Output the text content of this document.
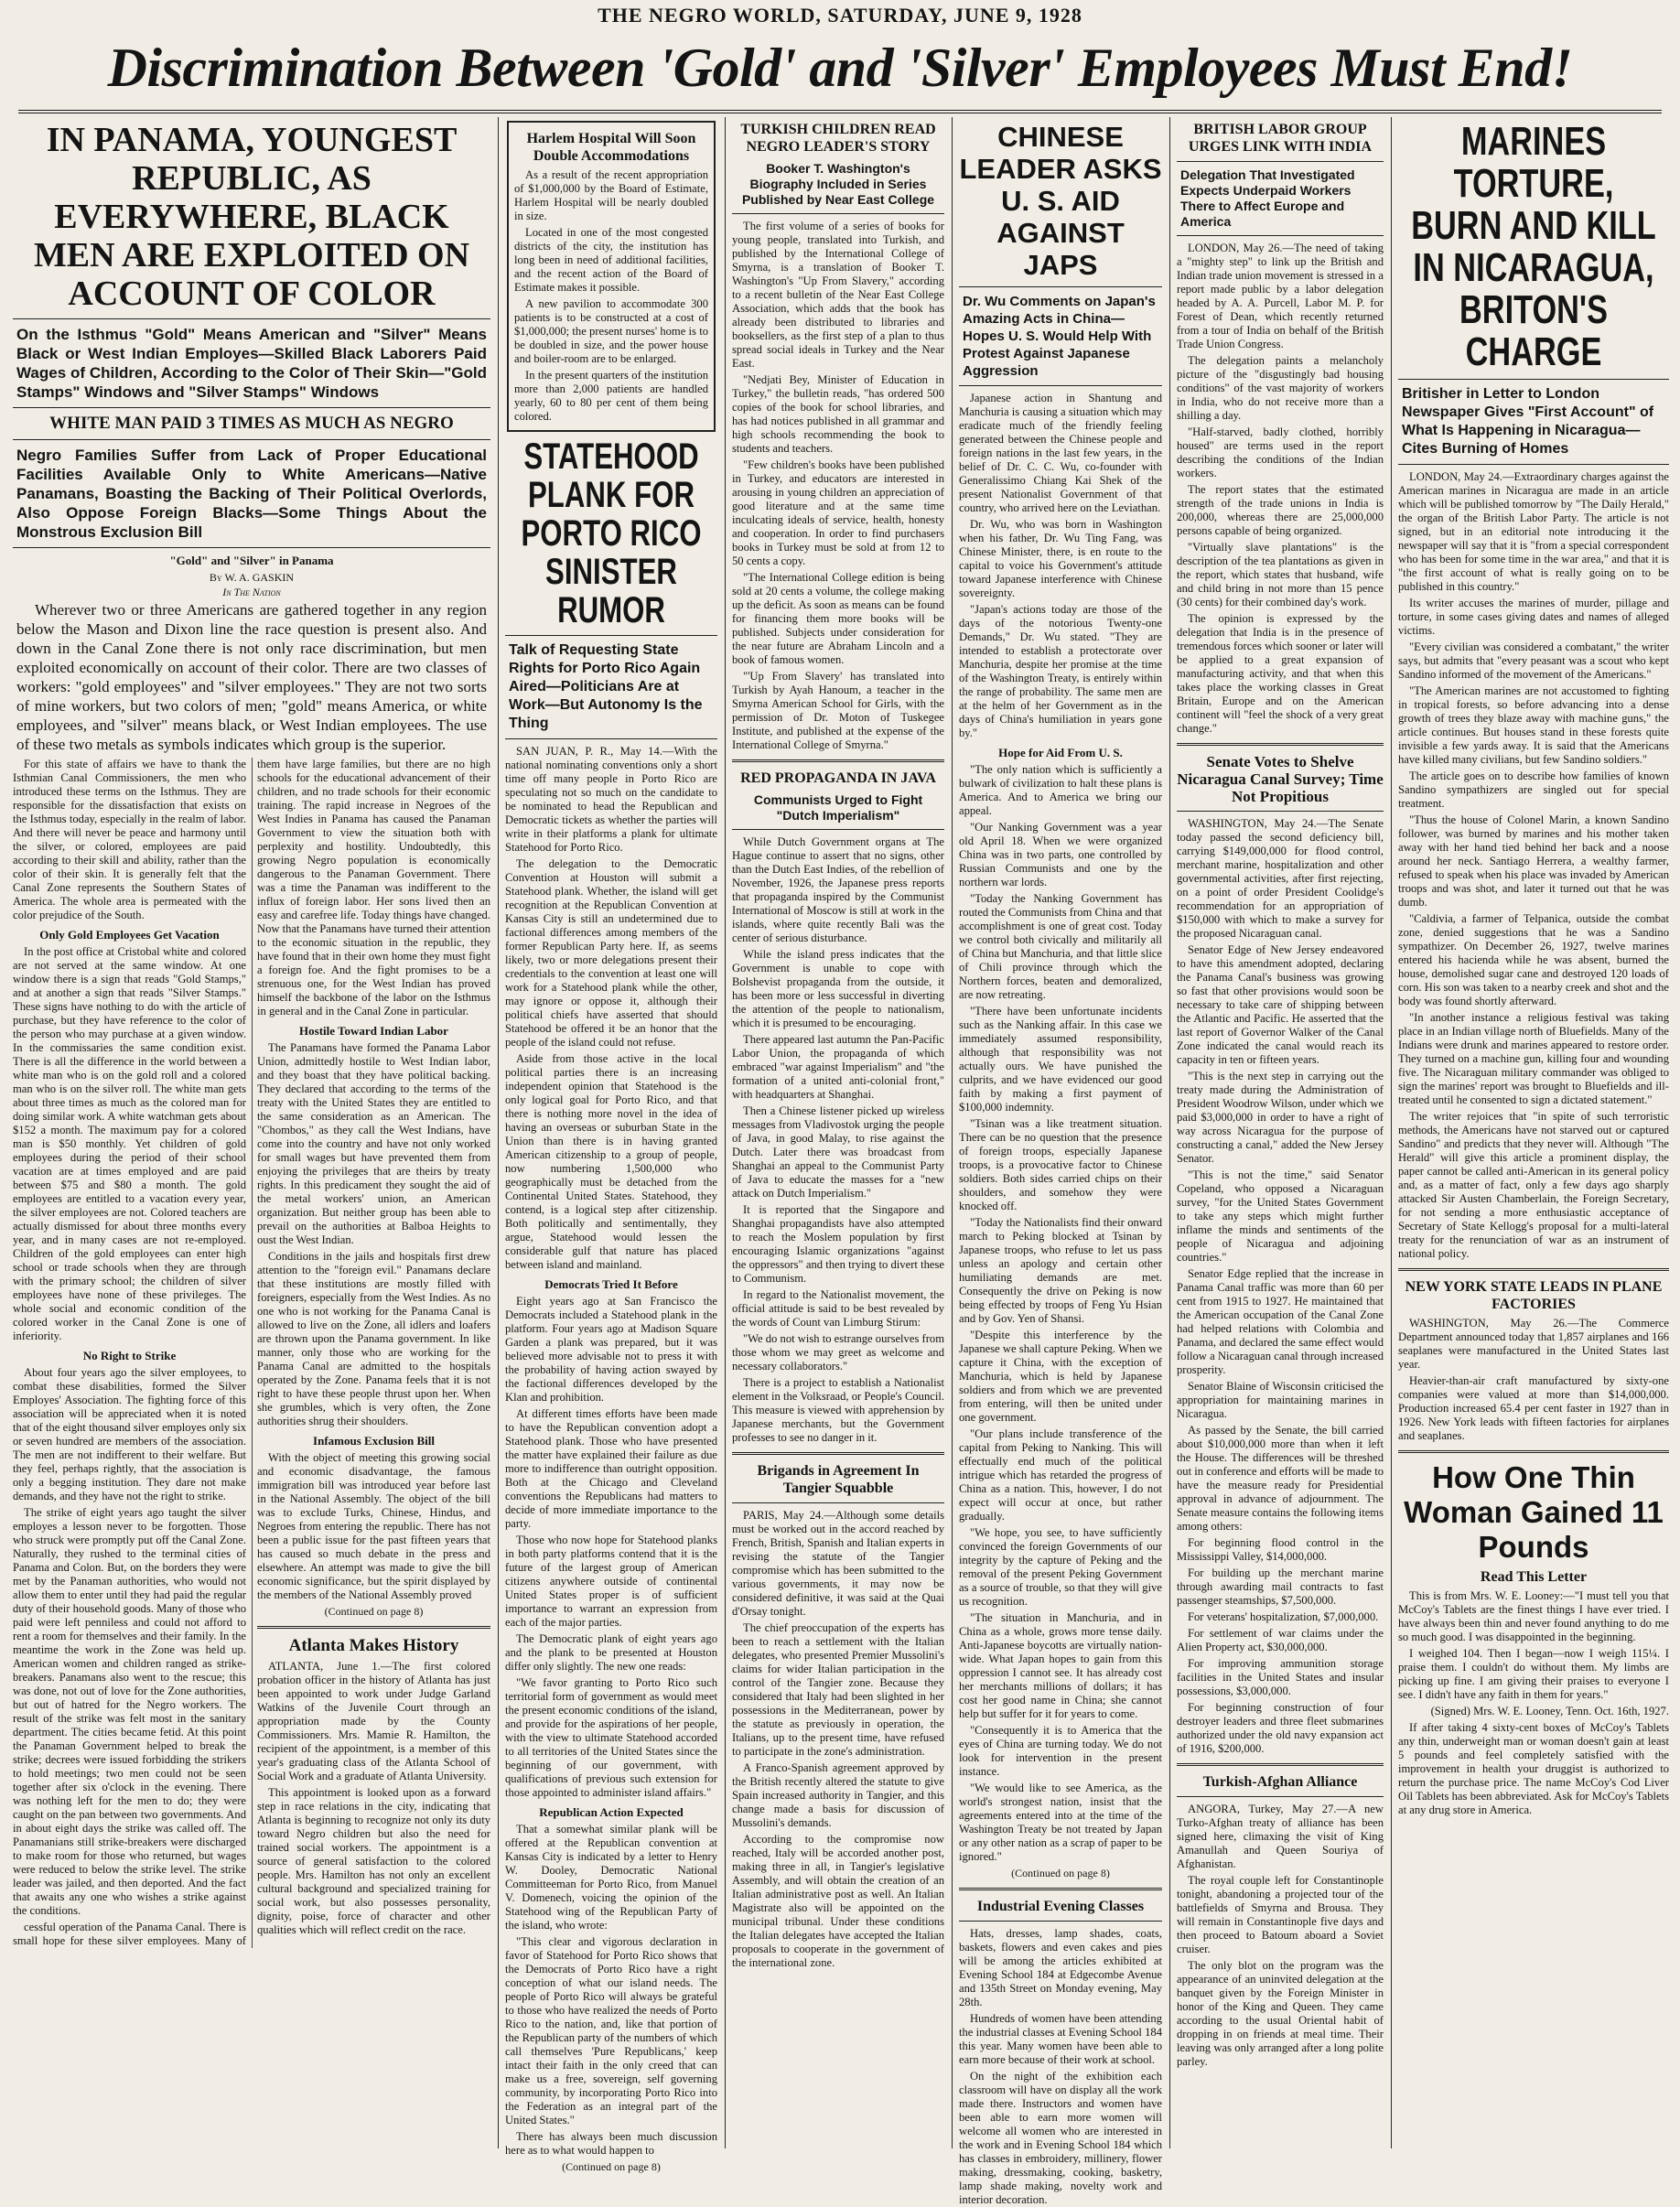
THE NEGRO WORLD, SATURDAY, JUNE 9, 1928
Discrimination Between 'Gold' and 'Silver' Employees Must End!
IN PANAMA, YOUNGEST REPUBLIC, AS EVERYWHERE, BLACK MEN ARE EXPLOITED ON ACCOUNT OF COLOR
On the Isthmus "Gold" Means American and "Silver" Means Black or West Indian Employes—Skilled Black Laborers Paid Wages of Children, According to the Color of Their Skin—"Gold Stamps" Windows and "Silver Stamps" Windows
WHITE MAN PAID 3 TIMES AS MUCH AS NEGRO
Negro Families Suffer from Lack of Proper Educational Facilities Available Only to White Americans—Native Panamans, Boasting the Backing of Their Political Overlords, Also Oppose Foreign Blacks—Some Things About the Monstrous Exclusion Bill
"Gold" and "Silver" in Panama
By W. A. GASKIN
In The Nation
Wherever two or three Americans are gathered together in any region below the Mason and Dixon line the race question is present also. And down in the Canal Zone there is not only race discrimination, but men exploited economically on account of their color. There are two classes of workers: "gold employees" and "silver employees." They are not two sorts of mine workers, but two colors of men; "gold" means America, or white employees, and "silver" means black, or West Indian employees. The use of these two metals as symbols indicates which group is the superior.

For this state of affairs we have to thank the Isthmian Canal Commissioners, the men who introduced these terms on the Isthmus. They are responsible for the dissatisfaction that exists on the Isthmus today, especially in the realm of labor. And there will never be peace and harmony until the silver, or colored, employees are paid according to their skill and ability, rather than the color of their skin. It is generally felt that the Canal Zone represents the Southern States of America. The whole area is permeated with the color prejudice of the South.

Only Gold Employees Get Vacation

In the post office at Cristobal white and colored are not served at the same window. At one window there is a sign that reads "Gold Stamps," and at another a sign that reads "Silver Stamps." These signs have nothing to do with the article of purchase, but they have reference to the color of the person who may purchase at a given window. In the commissaries the same condition exist. There is all the difference in the world between a white man who is on the gold roll and a colored man who is on the silver roll. The white man gets about three times as much as the colored man for doing similar work. A white watchman gets about $152 a month. The maximum pay for a colored man is $50 monthly. Yet children of gold employees during the period of their school vacation are at times employed and are paid between $75 and $80 a month. The gold employees are entitled to a vacation every year, the silver employees are not. Colored teachers are actually dismissed for about three months every year, and in many cases are not re-employed. Children of the gold employees can enter high school or trade schools when they are through with the primary school; the children of silver employees have none of these privileges. The whole social and economic condition of the colored worker in the Canal Zone is one of inferiority.

No Right to Strike

About four years ago the silver employees, to combat these disabilities, formed the Silver Employes' Association. The fighting force of this association will be appreciated when it is noted that of the eight thousand silver employes only six or seven hundred are members of the association. The men are not indifferent to their welfare. But they feel, perhaps rightly, that the association is only a begging institution. They dare not make demands, and they have not the right to strike.

The strike of eight years ago taught the silver employes a lesson never to be forgotten. Those who struck were promptly put off the Canal Zone. Naturally, they rushed to the terminal cities of Panama and Colon. But, on the borders they were met by the Panaman authorities, who would not allow them to enter until they had paid the regular duty of their household goods. Many of those who paid were left penniless and could not afford to rent a room for themselves and their family. In the meantime the work in the Zone was held up. American women and children ranged as strike-breakers. Panamans also went to the rescue; this was done, not out of love for the Zone authorities, but out of hatred for the Negro workers. The result of the strike was felt most in the sanitary department. The cities became fetid. At this point the Panaman Government helped to break the strike; decrees were issued forbidding the strikers to hold meetings; two men could not be seen together after six o'clock in the evening. There was nothing left for the men to do; they were caught on the pan between two governments. And in about eight days the strike was called off. The Panamanians still strike-breakers were discharged to make room for those who returned, but wages were reduced to below the strike level. The strike leader was jailed, and then deported. And the fact that awaits any one who wishes a strike against the conditions.

cessful operation of the Panama Canal. There is small hope for these silver employees. Many of them have large families, but there are no high schools for the educational advancement of their children, and no trade schools for their economic training. The rapid increase in Negroes of the West Indies in Panama has caused the Panaman Government to view the situation both with perplexity and hostility. Undoubtedly, this growing Negro population is economically dangerous to the Panaman Government. There was a time the Panaman was indifferent to the influx of foreign labor. Her sons lived then an easy and carefree life. Today things have changed. Now that the Panamans have turned their attention to the economic situation in the republic, they have found that in their own home they must fight a foreign foe. And the fight promises to be a strenuous one, for the West Indian has proved himself the backbone of the labor on the Isthmus in general and in the Canal Zone in particular.

Hostile Toward Indian Labor

The Panamans have formed the Panama Labor Union, admittedly hostile to West Indian labor, and they boast that they have political backing. They declared that according to the terms of the treaty with the United States they are entitled to the same consideration as an American. The "Chombos," as they call the West Indians, have come into the country and have not only worked for small wages but have prevented them from enjoying the privileges that are theirs by treaty rights. In this predicament they sought the aid of the metal workers' union, an American organization. But neither group has been able to prevail on the authorities at Balboa Heights to oust the West Indian.

Conditions in the jails and hospitals first drew attention to the "foreign evil." Panamans declare that these institutions are mostly filled with foreigners, especially from the West Indies. As no one who is not working for the Panama Canal is allowed to live on the Zone, all idlers and loafers are thrown upon the Panama government. In like manner, only those who are working for the Panama Canal are admitted to the hospitals operated by the Zone. Panama feels that it is not right to have these people thrust upon her. When she grumbles, which is very often, the Zone authorities shrug their shoulders.

Infamous Exclusion Bill

With the object of meeting this growing social and economic disadvantage, the famous immigration bill was introduced year before last in the National Assembly. The object of the bill was to exclude Turks, Chinese, Hindus, and Negroes from entering the republic. There has not been a public issue for the past fifteen years that has caused so much debate in the press and elsewhere. An attempt was made to give the bill economic significance, but the spirit displayed by the members of the National Assembly proved

(Continued on page 8)
Atlanta Makes History

ATLANTA, June 1.—The first colored probation officer in the history of Atlanta has just been appointed to work under Judge Garland Watkins of the Juvenile Court through an appropriation made by the County Commissioners. Mrs. Mamie R. Hamilton, the recipient of the appointment, is a member of this year's graduating class of the Atlanta School of Social Work and a graduate of Atlanta University.

This appointment is looked upon as a forward step in race relations in the city, indicating that Atlanta is beginning to recognize not only its duty toward Negro children but also the need for trained social workers. The appointment is a source of general satisfaction to the colored people. Mrs. Hamilton has not only an excellent cultural background and specialized training for social work, but also possesses personality, dignity, poise, force of character and other qualities which will reflect credit on the race.

Harlem Hospital Will Soon Double Accommodations

As a result of the recent appropriation of $1,000,000 by the Board of Estimate, Harlem Hospital will be nearly doubled in size.

Located in one of the most congested districts of the city, the institution has long been in need of additional facilities, and the recent action of the Board of Estimate makes it possible.

A new pavilion to accommodate 300 patients is to be constructed at a cost of $1,000,000; the present nurses' home is to be doubled in size, and the power house and boiler-room are to be enlarged.

In the present quarters of the institution more than 2,000 patients are handled yearly, 60 to 80 per cent of them being colored.

STATEHOOD PLANK FOR PORTO RICO SINISTER RUMOR
Talk of Requesting State Rights for Porto Rico Again Aired—Politicians Are at Work—But Autonomy Is the Thing

SAN JUAN, P. R., May 14.—With the national nominating conventions only a short time off many people in Porto Rico are speculating not so much on the candidate to be nominated to head the Republican and Democratic tickets as whether the parties will write in their platforms a plank for ultimate Statehood for Porto Rico.

The delegation to the Democratic Convention at Houston will submit a Statehood plank. Whether, the island will get recognition at the Republican Convention at Kansas City is still an undetermined due to factional differences among members of the former Republican Party here. If, as seems likely, two or more delegations present their credentials to the convention at least one will work for a Statehood plank while the other, may ignore or oppose it, although their political chiefs have asserted that should Statehood be offered it be an honor that the people of the island could not refuse.

Aside from those active in the local political parties there is an increasing independent opinion that Statehood is the only logical goal for Porto Rico, and that there is nothing more novel in the idea of having an overseas or suburban State in the Union than there is in having granted American citizenship to a group of people, now numbering 1,500,000 who geographically must be detached from the Continental United States. Statehood, they contend, is a logical step after citizenship. Both politically and sentimentally, they argue, Statehood would lessen the considerable gulf that nature has placed between island and mainland.

Democrats Tried It Before

Eight years ago at San Francisco the Democrats included a Statehood plank in the platform. Four years ago at Madison Square Garden a plank was prepared, but it was believed more advisable not to press it with the probability of having action swayed by the factional differences developed by the Klan and prohibition.

At different times efforts have been made to have the Republican convention adopt a Statehood plank. Those who have presented the matter have explained their failure as due more to indifference than outright opposition. Both at the Chicago and Cleveland conventions the Republicans had matters to decide of more immediate importance to the party.

Those who now hope for Statehood planks in both party platforms contend that it is the future of the largest group of American citizens anywhere outside of continental United States proper is of sufficient importance to warrant an expression from each of the major parties.

The Democratic plank of eight years ago and the plank to be presented at Houston differ only slightly. The new one reads:

"We favor granting to Porto Rico such territorial form of government as would meet the present economic conditions of the island, and provide for the aspirations of her people, with the view to ultimate Statehood accorded to all territories of the United States since the beginning of our government, with qualifications of previous such extension for those appointed to administer island affairs."

Republican Action Expected

That a somewhat similar plank will be offered at the Republican convention at Kansas City is indicated by a letter to Henry W. Dooley, Democratic National Committeeman for Porto Rico, from Manuel V. Domenech, voicing the opinion of the Statehood wing of the Republican Party of the island, who wrote:

"This clear and vigorous declaration in favor of Statehood for Porto Rico shows that the Democrats of Porto Rico have a right conception of what our island needs. The people of Porto Rico will always be grateful to those who have realized the needs of Porto Rico to the nation, and, like that portion of the Republican party of the numbers of which call themselves 'Pure Republicans,' keep intact their faith in the only creed that can make us a free, sovereign, self governing community, by incorporating Porto Rico into the Federation as an integral part of the United States."

There has always been much discussion here as to what would happen to

(Continued on page 8)
TURKISH CHILDREN READ NEGRO LEADER'S STORY
Booker T. Washington's Biography Included in Series Published by Near East College

The first volume of a series of books for young people, translated into Turkish, and published by the International College of Smyrna, is a translation of Booker T. Washington's "Up From Slavery," according to a recent bulletin of the Near East College Association, which adds that the book has already been distributed to libraries and booksellers, as the first step of a plan to thus spread social ideals in Turkey and the Near East.

"Nedjati Bey, Minister of Education in Turkey," the bulletin reads, "has ordered 500 copies of the book for school libraries, and has had notices published in all grammar and high schools recommending the book to students and teachers.

"Few children's books have been published in Turkey, and educators are interested in arousing in young children an appreciation of good literature and at the same time inculcating ideals of service, health, honesty and cooperation. In order to find purchasers books in Turkey must be sold at from 12 to 50 cents a copy.

"The International College edition is being sold at 20 cents a volume, the college making up the deficit. As soon as means can be found for financing them more books will be published. Subjects under consideration for the near future are Abraham Lincoln and a book of famous women.

"'Up From Slavery' has translated into Turkish by Ayah Hanoum, a teacher in the Smyrna American School for Girls, with the permission of Dr. Moton of Tuskegee Institute, and published at the expense of the International College of Smyrna."

RED PROPAGANDA IN JAVA
Communists Urged to Fight "Dutch Imperialism"

While Dutch Government organs at The Hague continue to assert that no signs, other than the Dutch East Indies, of the rebellion of November, 1926, the Japanese press reports that propaganda inspired by the Communist International of Moscow is still at work in the islands, where quite recently Bali was the center of serious disturbance.

While the island press indicates that the Government is unable to cope with Bolshevist propaganda from the outside, it has been more or less successful in diverting the attention of the people to nationalism, which it is presumed to be encouraging.

There appeared last autumn the Pan-Pacific Labor Union, the propaganda of which embraced "war against Imperialism" and "the formation of a united anti-colonial front," with headquarters at Shanghai.

Then a Chinese listener picked up wireless messages from Vladivostok urging the people of Java, in good Malay, to rise against the Dutch. Later there was broadcast from Shanghai an appeal to the Communist Party of Java to educate the masses for a "new attack on Dutch Imperialism."

It is reported that the Singapore and Shanghai propagandists have also attempted to reach the Moslem population by first encouraging Islamic organizations "against the oppressors" and then trying to divert these to Communism.

In regard to the Nationalist movement, the official attitude is said to be best revealed by the words of Count van Limburg Stirum:

"We do not wish to estrange ourselves from those whom we may greet as welcome and necessary collaborators."

There is a project to establish a Nationalist element in the Volksraad, or People's Council. This measure is viewed with apprehension by Japanese merchants, but the Government professes to see no danger in it.

Brigands in Agreement In Tangier Squabble

PARIS, May 24.—Although some details must be worked out in the accord reached by French, British, Spanish and Italian experts in revising the statute of the Tangier compromise which has been submitted to the various governments, it may now be considered definitive, it was said at the Quai d'Orsay tonight.

The chief preoccupation of the experts has been to reach a settlement with the Italian delegates, who presented Premier Mussolini's claims for wider Italian participation in the control of the Tangier zone. Because they considered that Italy had been slighted in her possessions in the Mediterranean, power by the statute as previously in operation, the Italians, up to the present time, have refused to participate in the zone's administration.

A Franco-Spanish agreement approved by the British recently altered the statute to give Spain increased authority in Tangier, and this change made a basis for discussion of Mussolini's demands.

According to the compromise now reached, Italy will be accorded another post, making three in all, in Tangier's legislative Assembly, and will obtain the creation of an Italian administrative post as well. An Italian Magistrate also will be appointed on the municipal tribunal. Under these conditions the Italian delegates have accepted the Italian proposals to cooperate in the government of the international zone.

CHINESE LEADER ASKS U. S. AID AGAINST JAPS
Dr. Wu Comments on Japan's Amazing Acts in China—Hopes U. S. Would Help With Protest Against Japanese Aggression

Japanese action in Shantung and Manchuria is causing a situation which may eradicate much of the friendly feeling generated between the Chinese people and foreign nations in the last few years, in the belief of Dr. C. C. Wu, co-founder with Generalissimo Chiang Kai Shek of the present Nationalist Government of that country, who arrived here on the Leviathan.

Dr. Wu, who was born in Washington when his father, Dr. Wu Ting Fang, was Chinese Minister, there, is en route to the capital to voice his Government's attitude toward Japanese interference with Chinese sovereignty.

"Japan's actions today are those of the days of the notorious Twenty-one Demands," Dr. Wu stated. "They are intended to establish a protectorate over Manchuria, despite her promise at the time of the Washington Treaty, is entirely within the range of probability. The same men are at the helm of her Government as in the days of China's humiliation in years gone by."

Hope for Aid From U. S.

"The only nation which is sufficiently a bulwark of civilization to halt these plans is America. And to America we bring our appeal.

"Our Nanking Government was a year old April 18. When we were organized China was in two parts, one controlled by Russian Communists and one by the northern war lords.

"Today the Nanking Government has routed the Communists from China and that accomplishment is one of great cost. Today we control both civically and militarily all of China but Manchuria, and that little slice of Chili province through which the Northern forces, beaten and demoralized, are now retreating.

"There have been unfortunate incidents such as the Nanking affair. In this case we immediately assumed responsibility, although that responsibility was not actually ours. We have punished the culprits, and we have evidenced our good faith by making a first payment of $100,000 indemnity.

"Tsinan was a like treatment situation. There can be no question that the presence of foreign troops, especially Japanese troops, is a provocative factor to Chinese soldiers. Both sides carried chips on their shoulders, and somehow they were knocked off.

"Today the Nationalists find their onward march to Peking blocked at Tsinan by Japanese troops, who refuse to let us pass unless an apology and certain other humiliating demands are met. Consequently the drive on Peking is now being effected by troops of Feng Yu Hsian and by Gov. Yen of Shansi.

"Despite this interference by the Japanese we shall capture Peking. When we capture it China, with the exception of Manchuria, which is held by Japanese soldiers and from which we are prevented from entering, will then be united under one government.

"Our plans include transference of the capital from Peking to Nanking. This will effectually end much of the political intrigue which has retarded the progress of China as a nation. This, however, I do not expect will occur at once, but rather gradually.

"We hope, you see, to have sufficiently convinced the foreign Governments of our integrity by the capture of Peking and the removal of the present Peking Government as a source of trouble, so that they will give us recognition.

"The situation in Manchuria, and in China as a whole, grows more tense daily. Anti-Japanese boycotts are virtually nation-wide. What Japan hopes to gain from this oppression I cannot see. It has already cost her merchants millions of dollars; it has cost her good name in China; she cannot help but suffer for it for years to come.

"Consequently it is to America that the eyes of China are turning today. We do not look for intervention in the present instance.

"We would like to see America, as the world's strongest nation, insist that the agreements entered into at the time of the Washington Treaty be not treated by Japan or any other nation as a scrap of paper to be ignored."

(Continued on page 8)
Industrial Evening Classes

Hats, dresses, lamp shades, coats, baskets, flowers and even cakes and pies will be among the articles exhibited at Evening School 184 at Edgecombe Avenue and 135th Street on Monday evening, May 28th.

Hundreds of women have been attending the industrial classes at Evening School 184 this year. Many women have been able to earn more because of their work at school.

On the night of the exhibition each classroom will have on display all the work made there. Instructors and women have been able to earn more women will welcome all women who are interested in the work and in Evening School 184 which has classes in embroidery, millinery, flower making, dressmaking, cooking, basketry, lamp shade making, novelty work and interior decoration.

BRITISH LABOR GROUP URGES LINK WITH INDIA
Delegation That Investigated Expects Underpaid Workers There to Affect Europe and America

LONDON, May 26.—The need of taking a "mighty step" to link up the British and Indian trade union movement is stressed in a report made public by a labor delegation headed by A. A. Purcell, Labor M. P. for Forest of Dean, which recently returned from a tour of India on behalf of the British Trade Union Congress.

The delegation paints a melancholy picture of the "disgustingly bad housing conditions" of the vast majority of workers in India, who do not receive more than a shilling a day.

"Half-starved, badly clothed, horribly housed" are terms used in the report describing the conditions of the Indian workers.

The report states that the estimated strength of the trade unions in India is 200,000, whereas there are 25,000,000 persons capable of being organized.

"Virtually slave plantations" is the description of the tea plantations as given in the report, which states that husband, wife and child bring in not more than 15 pence (30 cents) for their combined day's work.

The opinion is expressed by the delegation that India is in the presence of tremendous forces which sooner or later will be applied to a great expansion of manufacturing activity, and that when this takes place the working classes in Great Britain, Europe and on the American continent will "feel the shock of a very great change."

Senate Votes to Shelve Nicaragua Canal Survey; Time Not Propitious

WASHINGTON, May 24.—The Senate today passed the second deficiency bill, carrying $149,000,000 for flood control, merchant marine, hospitalization and other governmental activities, after first rejecting, on a point of order President Coolidge's recommendation for an appropriation of $150,000 with which to make a survey for the proposed Nicaraguan canal.

Senator Edge of New Jersey endeavored to have this amendment adopted, declaring the Panama Canal's business was growing so fast that other provisions would soon be necessary to take care of shipping between the Atlantic and Pacific. He asserted that the last report of Governor Walker of the Canal Zone indicated the canal would reach its capacity in ten or fifteen years.

"This is the next step in carrying out the treaty made during the Administration of President Woodrow Wilson, under which we paid $3,000,000 in order to have a right of way across Nicaragua for the purpose of constructing a canal," added the New Jersey Senator.

"This is not the time," said Senator Copeland, who opposed a Nicaraguan survey, "for the United States Government to take any steps which might further inflame the minds and sentiments of the people of Nicaragua and adjoining countries."

Senator Edge replied that the increase in Panama Canal traffic was more than 60 per cent from 1915 to 1927. He maintained that the American occupation of the Canal Zone had helped relations with Colombia and Panama, and declared the same effect would follow a Nicaraguan canal through increased prosperity.

Senator Blaine of Wisconsin criticised the appropriation for maintaining marines in Nicaragua.

As passed by the Senate, the bill carried about $10,000,000 more than when it left the House. The differences will be threshed out in conference and efforts will be made to have the measure ready for Presidential approval in advance of adjournment. The Senate measure contains the following items among others:

For beginning flood control in the Mississippi Valley, $14,000,000.

For building up the merchant marine through awarding mail contracts to fast passenger steamships, $7,500,000.

For veterans' hospitalization, $7,000,000.

For settlement of war claims under the Alien Property act, $30,000,000.

For improving ammunition storage facilities in the United States and insular possessions, $3,000,000.

For beginning construction of four destroyer leaders and three fleet submarines authorized under the old navy expansion act of 1916, $200,000.

Turkish-Afghan Alliance

ANGORA, Turkey, May 27.—A new Turko-Afghan treaty of alliance has been signed here, climaxing the visit of King Amanullah and Queen Souriya of Afghanistan.

The royal couple left for Constantinople tonight, abandoning a projected tour of the battlefields of Smyrna and Brousa. They will remain in Constantinople five days and then proceed to Batoum aboard a Soviet cruiser.

The only blot on the program was the appearance of an uninvited delegation at the banquet given by the Foreign Minister in honor of the King and Queen. They came according to the usual Oriental habit of dropping in on friends at meal time. Their leaving was only arranged after a long polite parley.

MARINES TORTURE, BURN AND KILL IN NICARAGUA, BRITON'S CHARGE
Britisher in Letter to London Newspaper Gives "First Account" of What Is Happening in Nicaragua—Cites Burning of Homes

LONDON, May 24.—Extraordinary charges against the American marines in Nicaragua are made in an article which will be published tomorrow by "The Daily Herald," the organ of the British Labor Party. The article is not signed, but in an editorial note introducing it the newspaper will say that it is "from a special correspondent who has been for some time in the war area," and that it is "the first account of what is really going on to be published in this country."

Its writer accuses the marines of murder, pillage and torture, in some cases giving dates and names of alleged victims.

"Every civilian was considered a combatant," the writer says, but admits that "every peasant was a scout who kept Sandino informed of the movement of the Americans."

"The American marines are not accustomed to fighting in tropical forests, so before advancing into a dense growth of trees they blaze away with machine guns," the article continues. But houses stand in these forests quite invisible a few yards away. It is said that the Americans have killed many civilians, but few Sandino soldiers."

The article goes on to describe how families of known Sandino sympathizers are singled out for special treatment.

"Thus the house of Colonel Marin, a known Sandino follower, was burned by marines and his mother taken away with her hand tied behind her back and a noose around her neck. Santiago Herrera, a wealthy farmer, refused to speak when his place was invaded by American troops and was shot, and later it turned out that he was dumb.

"Caldivia, a farmer of Telpanica, outside the combat zone, denied suggestions that he was a Sandino sympathizer. On December 26, 1927, twelve marines entered his hacienda while he was absent, burned the house, demolished sugar cane and destroyed 120 loads of corn. His son was taken to a nearby creek and shot and the body was found shortly afterward.

"In another instance a religious festival was taking place in an Indian village north of Bluefields. Many of the Indians were drunk and marines appeared to restore order. They turned on a machine gun, killing four and wounding five. The Nicaraguan military commander was obliged to sign the marines' report was brought to Bluefields and ill-treated until he consented to sign a dictated statement."

The writer rejoices that "in spite of such terroristic methods, the Americans have not starved out or captured Sandino" and predicts that they never will. Although "The Herald" will give this article a prominent display, the paper cannot be called anti-American in its general policy and, as a matter of fact, only a few days ago sharply attacked Sir Austen Chamberlain, the Foreign Secretary, for not sending a more enthusiastic acceptance of Secretary of State Kellogg's proposal for a multi-lateral treaty for the renunciation of war as an instrument of national policy.

NEW YORK STATE LEADS IN PLANE FACTORIES

WASHINGTON, May 26.—The Commerce Department announced today that 1,857 airplanes and 166 seaplanes were manufactured in the United States last year.

Heavier-than-air craft manufactured by sixty-one companies were valued at more than $14,000,000. Production increased 65.4 per cent faster in 1927 than in 1926. New York leads with fifteen factories for airplanes and seaplanes.

How One Thin Woman Gained 11 Pounds
Read This Letter

This is from Mrs. W. E. Looney:—"I must tell you that McCoy's Tablets are the finest things I have ever tried. I have always been thin and never found anything to do me so much good. I was disappointed in the beginning.

I weighed 104. Then I began—now I weigh 115¼. I praise them. I couldn't do without them. My limbs are picking up fine. I am giving their praises to everyone I see. I didn't have any faith in them for years."

(Signed) Mrs. W. E. Looney, Tenn. Oct. 16th, 1927.

If after taking 4 sixty-cent boxes of McCoy's Tablets any thin, underweight man or woman doesn't gain at least 5 pounds and feel completely satisfied with the improvement in health your druggist is authorized to return the purchase price. The name McCoy's Cod Liver Oil Tablets has been abbreviated. Ask for McCoy's Tablets at any drug store in America.
